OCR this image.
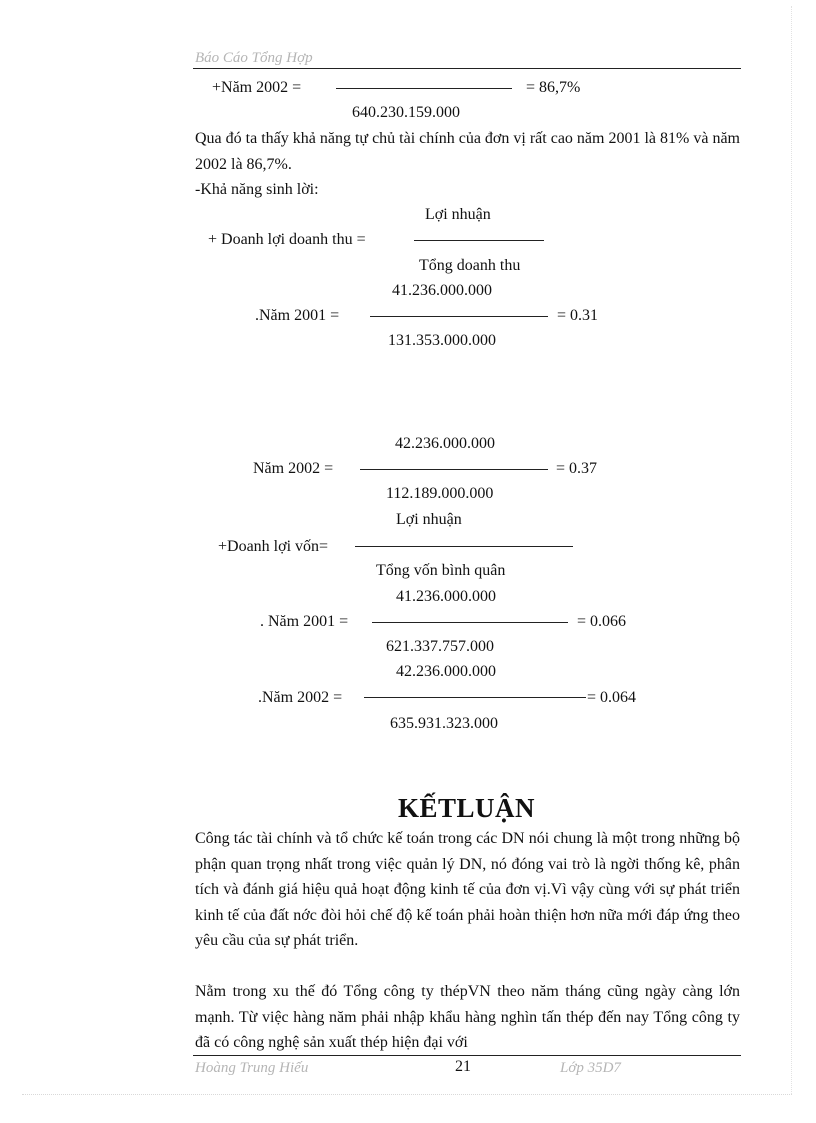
Báo Cáo Tổng Hợp
+Năm 2002 =	= 86,7%
640.230.159.000
Qua đó ta thấy khả năng tự chủ tài chính của đơn vị rất cao năm 2001 là 81% và năm 2002 là 86,7%.
-Khả năng sinh lời:
Lợi nhuận
+ Doanh lợi doanh thu =
Tổng doanh thu
41.236.000.000
.Năm 2001 =	= 0.31
131.353.000.000
42.236.000.000
Năm 2002 =	= 0.37
112.189.000.000
Lợi nhuận
+Doanh lợi vốn=
Tổng vốn bình quân
41.236.000.000
. Năm 2001 =	= 0.066
621.337.757.000
42.236.000.000
.Năm 2002 =	= 0.064
635.931.323.000
KẾTLUẬN
Công tác tài chính và tổ chức kế toán trong các DN nói chung là một trong những bộ phận quan trọng nhất trong việc quản lý DN, nó đóng vai trò là ngời thống kê, phân tích và đánh giá hiệu quả hoạt động kinh tế của đơn vị.Vì vậy cùng với sự phát triển kinh tế của đất nớc đòi hỏi chế độ kế toán phải hoàn thiện hơn nữa mới đáp ứng theo yêu cầu của sự phát triển.
Nằm trong xu thế đó Tổng công ty thépVN theo năm tháng cũng ngày càng lớn mạnh. Từ việc hàng năm phải nhập khẩu hàng nghìn tấn thép đến nay Tổng công ty đã có công nghệ sản xuất thép hiện đại với
Hoàng Trung Hiếu	21	Lớp 35D7
